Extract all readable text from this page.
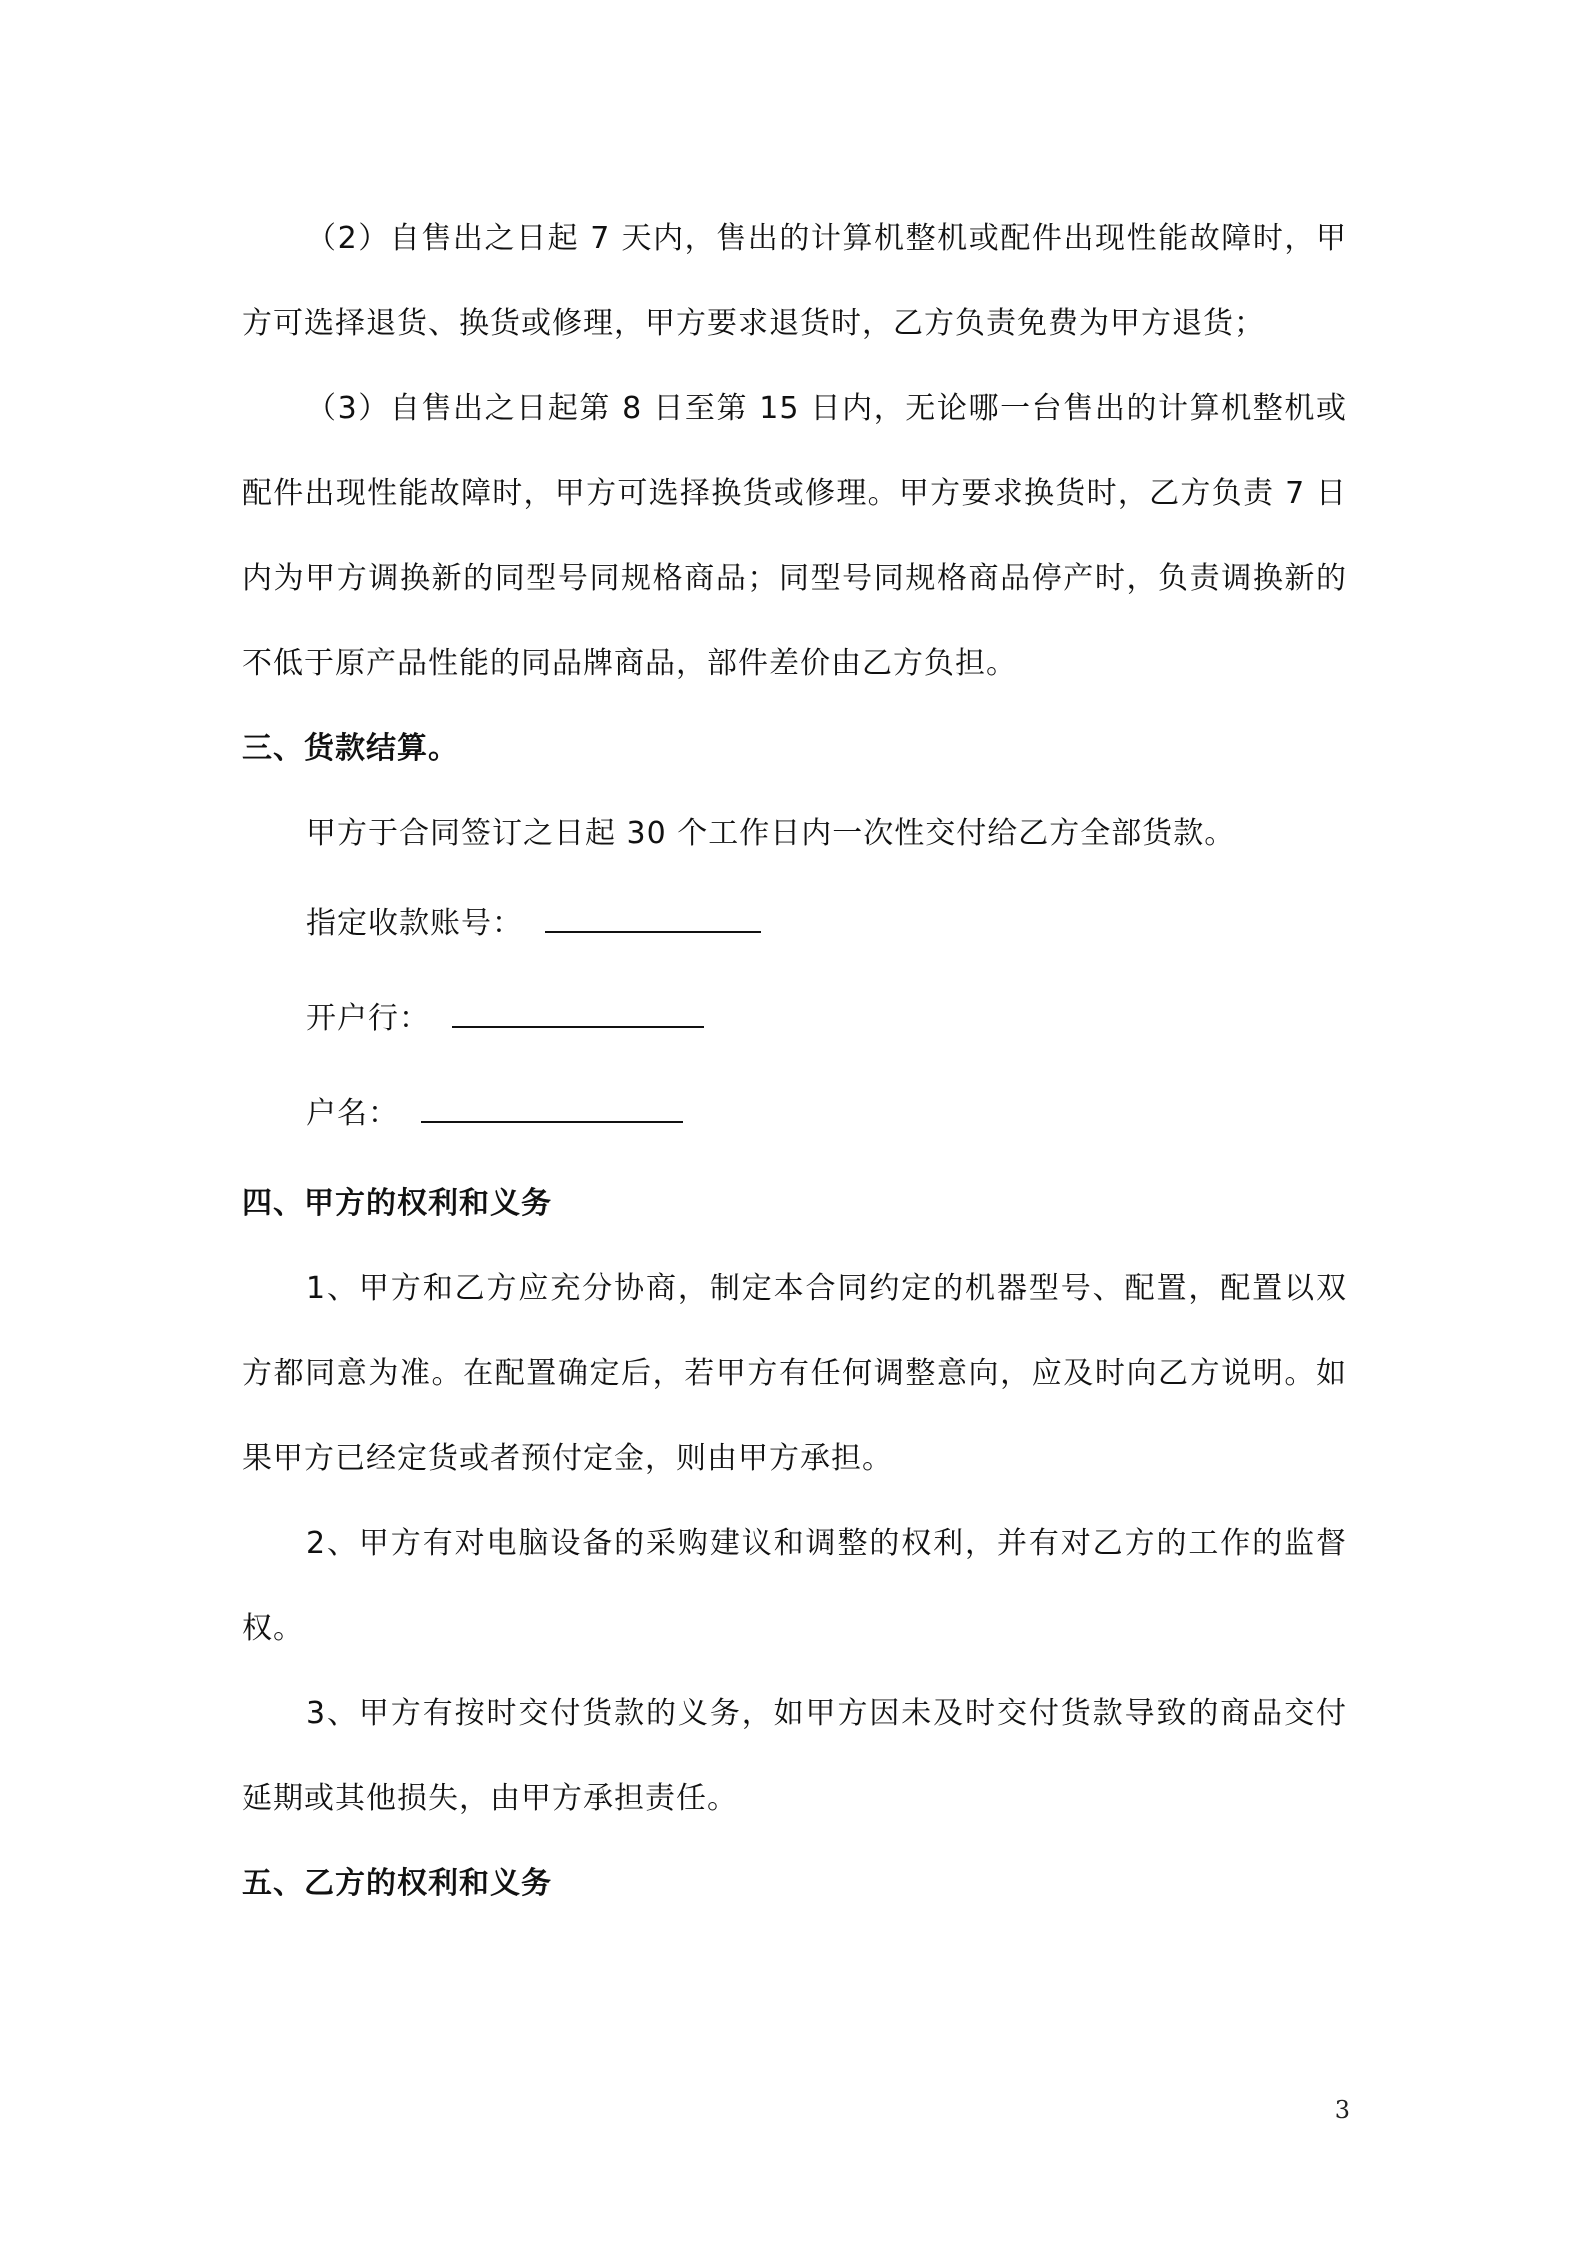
（2）自售出之日起 7 天内，售出的计算机整机或配件出现性能故障时，甲方可选择退货、换货或修理，甲方要求退货时，乙方负责免费为甲方退货；

（3）自售出之日起第 8 日至第 15 日内，无论哪一台售出的计算机整机或配件出现性能故障时，甲方可选择换货或修理。甲方要求换货时，乙方负责 7 日内为甲方调换新的同型号同规格商品；同型号同规格商品停产时，负责调换新的不低于原产品性能的同品牌商品，部件差价由乙方负担。

三、货款结算。

甲方于合同签订之日起 30 个工作日内一次性交付给乙方全部货款。

指定收款账号：
开户行：
户名：

四、甲方的权利和义务

1、甲方和乙方应充分协商，制定本合同约定的机器型号、配置，配置以双方都同意为准。在配置确定后，若甲方有任何调整意向，应及时向乙方说明。如果甲方已经定货或者预付定金，则由甲方承担。

2、甲方有对电脑设备的采购建议和调整的权利，并有对乙方的工作的监督权。

3、甲方有按时交付货款的义务，如甲方因未及时交付货款导致的商品交付延期或其他损失，由甲方承担责任。

五、乙方的权利和义务

3
